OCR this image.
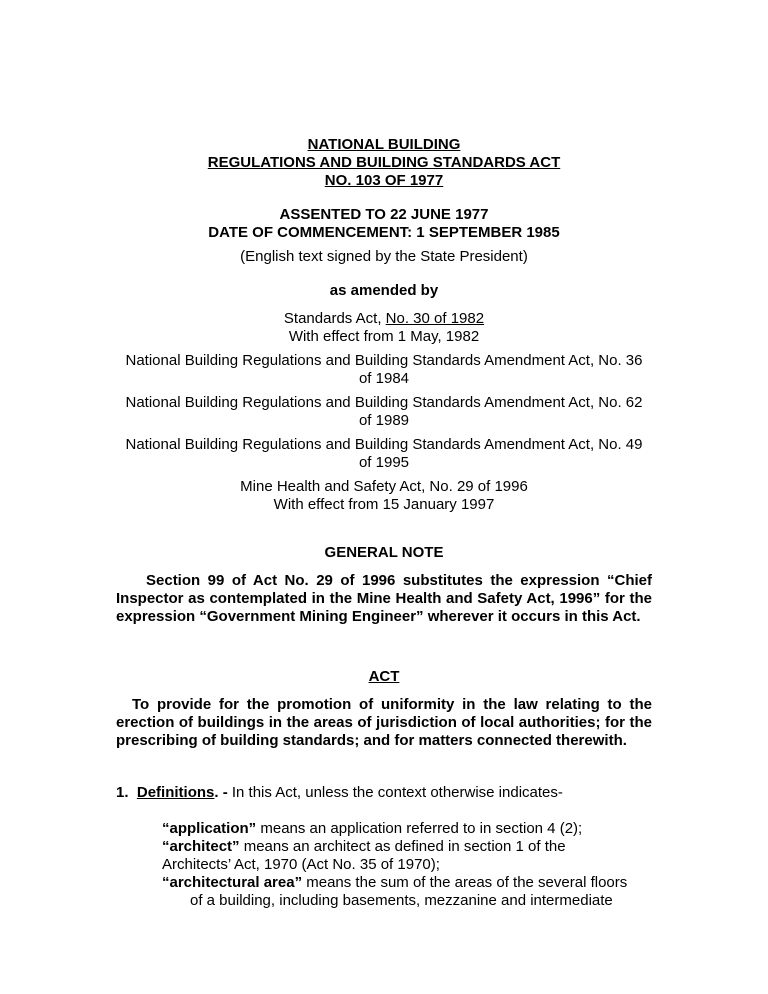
NATIONAL BUILDING
REGULATIONS AND BUILDING STANDARDS ACT
NO. 103 OF 1977
ASSENTED TO 22 JUNE 1977
DATE OF COMMENCEMENT: 1 SEPTEMBER 1985
(English text signed by the State President)
as amended by
Standards Act, No. 30 of 1982
With effect from 1 May, 1982
National Building Regulations and Building Standards Amendment Act, No. 36
of 1984
National Building Regulations and Building Standards Amendment Act, No. 62
of 1989
National Building Regulations and Building Standards Amendment Act, No. 49
of 1995
Mine Health and Safety Act, No. 29 of 1996
With effect from 15 January 1997
GENERAL NOTE
Section 99 of Act No. 29 of 1996 substitutes the expression “Chief Inspector as contemplated in the Mine Health and Safety Act, 1996” for the expression “Government Mining Engineer” wherever it occurs in this Act.
ACT
To provide for the promotion of uniformity in the law relating to the erection of buildings in the areas of jurisdiction of local authorities; for the prescribing of building standards; and for matters connected therewith.
1. Definitions. - In this Act, unless the context otherwise indicates-
“application” means an application referred to in section 4 (2);
“architect” means an architect as defined in section 1 of the
Architects’ Act, 1970 (Act No. 35 of 1970);
“architectural area” means the sum of the areas of the several floors
of a building, including basements, mezzanine and intermediate
